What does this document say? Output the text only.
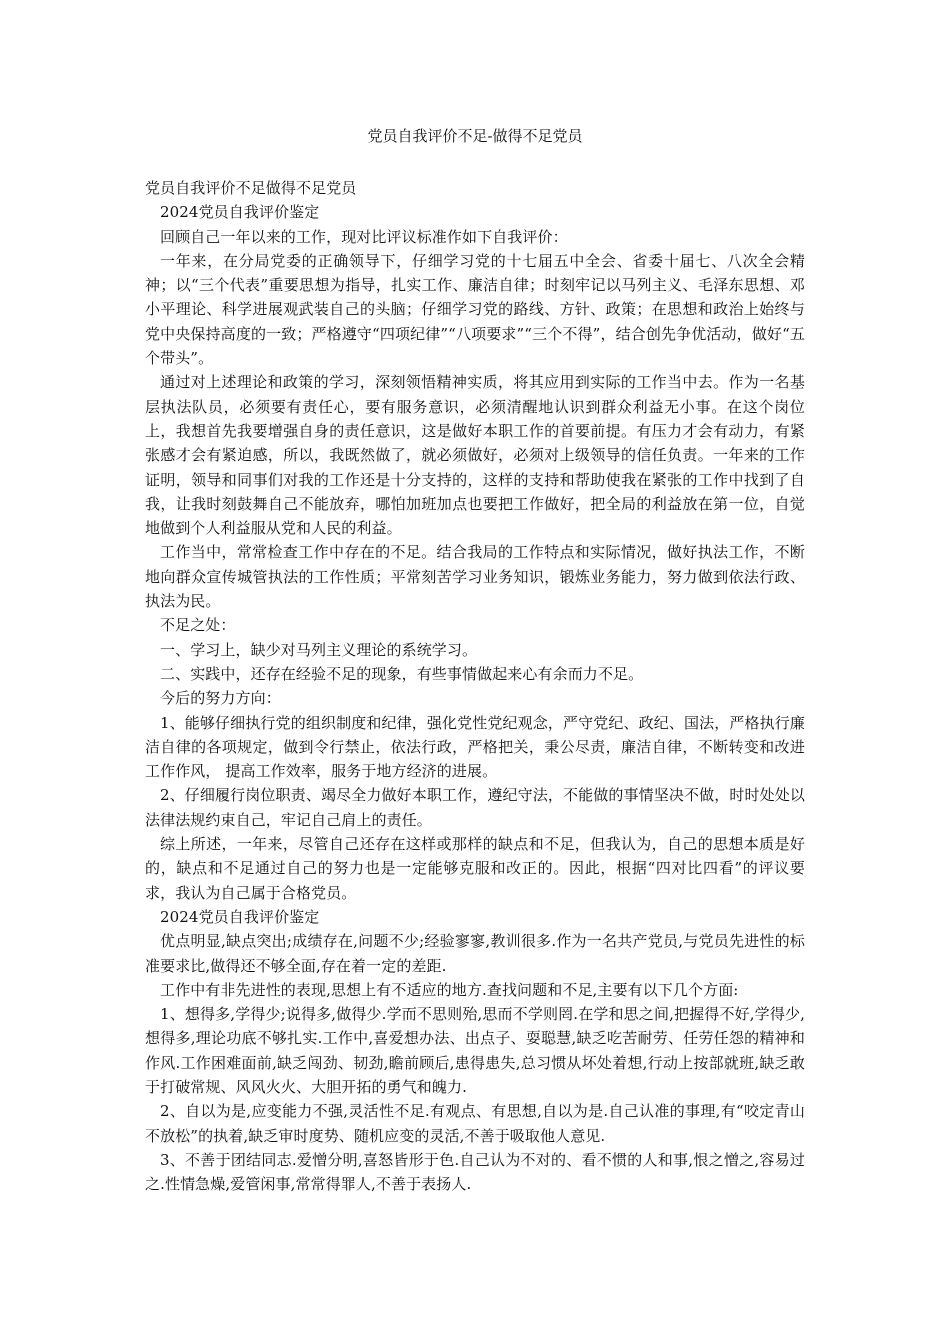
党员自我评价不足-做得不足党员

党员自我评价不足做得不足党员

2024党员自我评价鉴定

回顾自己一年以来的工作，现对比评议标准作如下自我评价：

一年来，在分局党委的正确领导下，仔细学习党的十七届五中全会、省委十届七、八次全会精神；以“三个代表”重要思想为指导，扎实工作、廉洁自律；时刻牢记以马列主义、毛泽东思想、邓小平理论、科学进展观武装自己的头脑；仔细学习党的路线、方针、政策；在思想和政治上始终与党中央保持高度的一致；严格遵守“四项纪律”“八项要求”“三个不得”，结合创先争优活动，做好“五个带头”。

通过对上述理论和政策的学习，深刻领悟精神实质，将其应用到实际的工作当中去。作为一名基层执法队员，必须要有责任心，要有服务意识，必须清醒地认识到群众利益无小事。在这个岗位上，我想首先我要增强自身的责任意识，这是做好本职工作的首要前提。有压力才会有动力，有紧张感才会有紧迫感，所以，我既然做了，就必须做好，必须对上级领导的信任负责。一年来的工作证明，领导和同事们对我的工作还是十分支持的，这样的支持和帮助使我在紧张的工作中找到了自我，让我时刻鼓舞自己不能放弃，哪怕加班加点也要把工作做好，把全局的利益放在第一位，自觉地做到个人利益服从党和人民的利益。

工作当中，常常检查工作中存在的不足。结合我局的工作特点和实际情况，做好执法工作，不断地向群众宣传城管执法的工作性质；平常刻苦学习业务知识，锻炼业务能力，努力做到依法行政、执法为民。

不足之处：

一、学习上，缺少对马列主义理论的系统学习。

二、实践中，还存在经验不足的现象，有些事情做起来心有余而力不足。

今后的努力方向：

1、能够仔细执行党的组织制度和纪律，强化党性党纪观念，严守党纪、政纪、国法，严格执行廉洁自律的各项规定，做到令行禁止，依法行政，严格把关，秉公尽责，廉洁自律，不断转变和改进工作作风， 提高工作效率，服务于地方经济的进展。

2、仔细履行岗位职责、竭尽全力做好本职工作，遵纪守法，不能做的事情坚决不做，时时处处以法律法规约束自己，牢记自己肩上的责任。

综上所述，一年来，尽管自己还存在这样或那样的缺点和不足，但我认为，自己的思想本质是好的，缺点和不足通过自己的努力也是一定能够克服和改正的。因此，根据“四对比四看”的评议要求，我认为自己属于合格党员。

2024党员自我评价鉴定

优点明显,缺点突出;成绩存在,问题不少;经验寥寥,教训很多.作为一名共产党员,与党员先进性的标准要求比,做得还不够全面,存在着一定的差距.

工作中有非先进性的表现,思想上有不适应的地方.查找问题和不足,主要有以下几个方面:

1、想得多,学得少;说得多,做得少.学而不思则殆,思而不学则罔.在学和思之间,把握得不好,学得少,想得多,理论功底不够扎实.工作中,喜爱想办法、出点子、耍聪慧,缺乏吃苦耐劳、任劳任怨的精神和作风.工作困难面前,缺乏闯劲、韧劲,瞻前顾后,患得患失,总习惯从坏处着想,行动上按部就班,缺乏敢于打破常规、风风火火、大胆开拓的勇气和魄力.

2、自以为是,应变能力不强,灵活性不足.有观点、有思想,自以为是.自己认准的事理,有“咬定青山不放松”的执着,缺乏审时度势、随机应变的灵活,不善于吸取他人意见.

3、不善于团结同志.爱憎分明,喜怒皆形于色.自己认为不对的、看不惯的人和事,恨之憎之,容易过之.性情急燥,爱管闲事,常常得罪人,不善于表扬人.
